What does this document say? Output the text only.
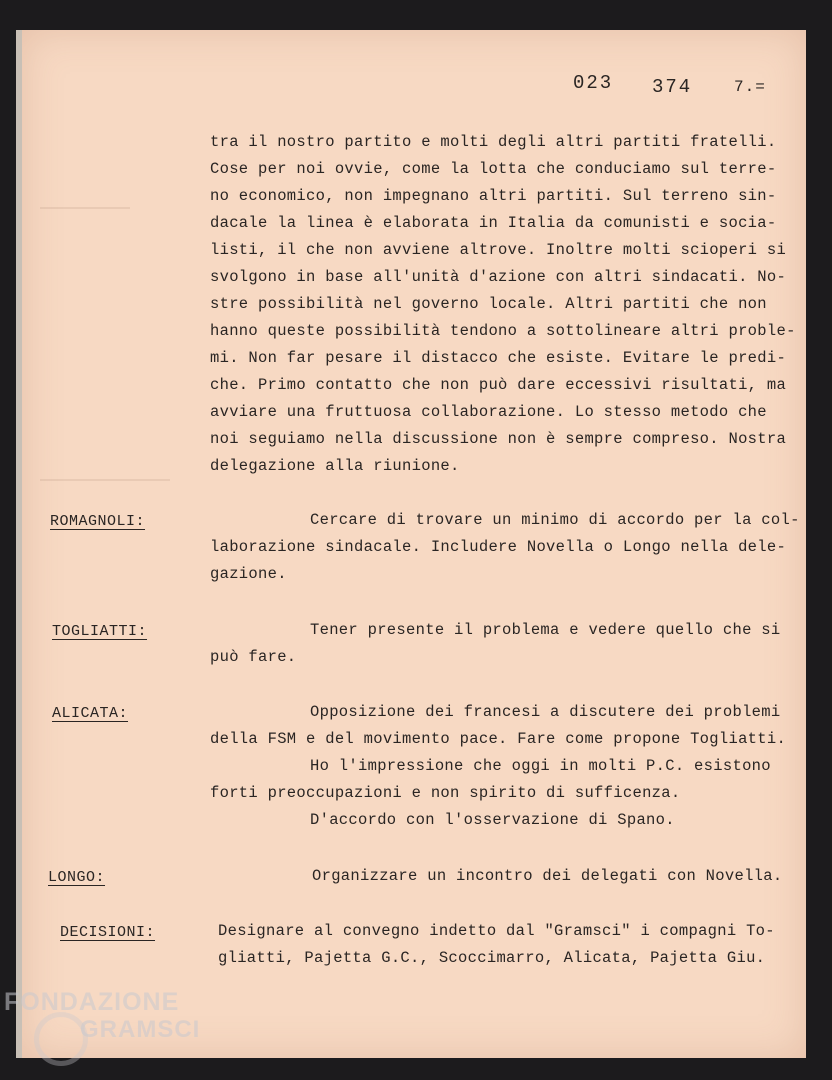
023 374	7.=
tra il nostro partito e molti degli altri partiti fratelli.
Cose per noi ovvie, come la lotta che conduciamo sul terre-
no economico, non impegnano altri partiti. Sul terreno sin-
dacale la linea è elaborata in Italia da comunisti e socia-
listi, il che non avviene altrove. Inoltre molti scioperi si
svolgono in base all'unità d'azione con altri sindacati. No-
stre possibilità nel governo locale. Altri partiti che non
hanno queste possibilità tendono a sottolineare altri proble-
mi. Non far pesare il distacco che esiste. Evitare le predi-
che. Primo contatto che non può dare eccessivi risultati, ma
avviare una fruttuosa collaborazione. Lo stesso metodo che
noi seguiamo nella discussione non è sempre compreso. Nostra
delegazione alla riunione.
ROMAGNOLI:	Cercare di trovare un minimo di accordo per la col-
laborazione sindacale. Includere Novella o Longo nella dele-
gazione.
TOGLIATTI:	Tener presente il problema e vedere quello che si
può fare.
ALICATA:	Opposizione dei francesi a discutere dei problemi
della FSM e del movimento pace. Fare come propone Togliatti.
Ho l'impressione che oggi in molti P.C. esistono
forti preoccupazioni e non spirito di sufficenza.
D'accordo con l'osservazione di Spano.
LONGO:	Organizzare un incontro dei delegati con Novella.
DECISIONI:	Designare al convegno indetto dal "Gramsci" i compagni To-
gliatti, Pajetta G.C., Scoccimarro, Alicata, Pajetta Giu.
FONDAZIONE
GRAMSCI
